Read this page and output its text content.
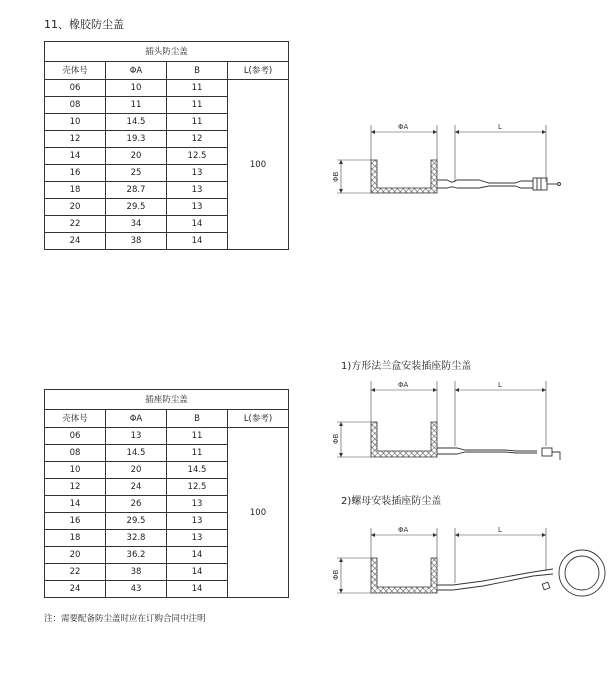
11、橡胶防尘盖
插头防尘盖			
壳体号	ΦA	B	L(参考)
06	10	11	100
08	11	11	
10	14.5	11	
12	19.3	12	
14	20	12.5	
16	25	13	
18	28.7	13	
20	29.5	13	
22	34	14	
24	38	14	
插座防尘盖			
壳体号	ΦA	B	L(参考)
06	13	11	100
08	14.5	11	
10	20	14.5	
12	24	12.5	
14	26	13	
16	29.5	13	
18	32.8	13	
20	36.2	14	
22	38	14	
24	43	14	
注：需要配备防尘盖时应在订购合同中注明
1)方形法兰盒安装插座防尘盖
2)螺母安装插座防尘盖
ΦA	L
ΦB
ΦA	L
ΦB
ΦA	L
ΦB
